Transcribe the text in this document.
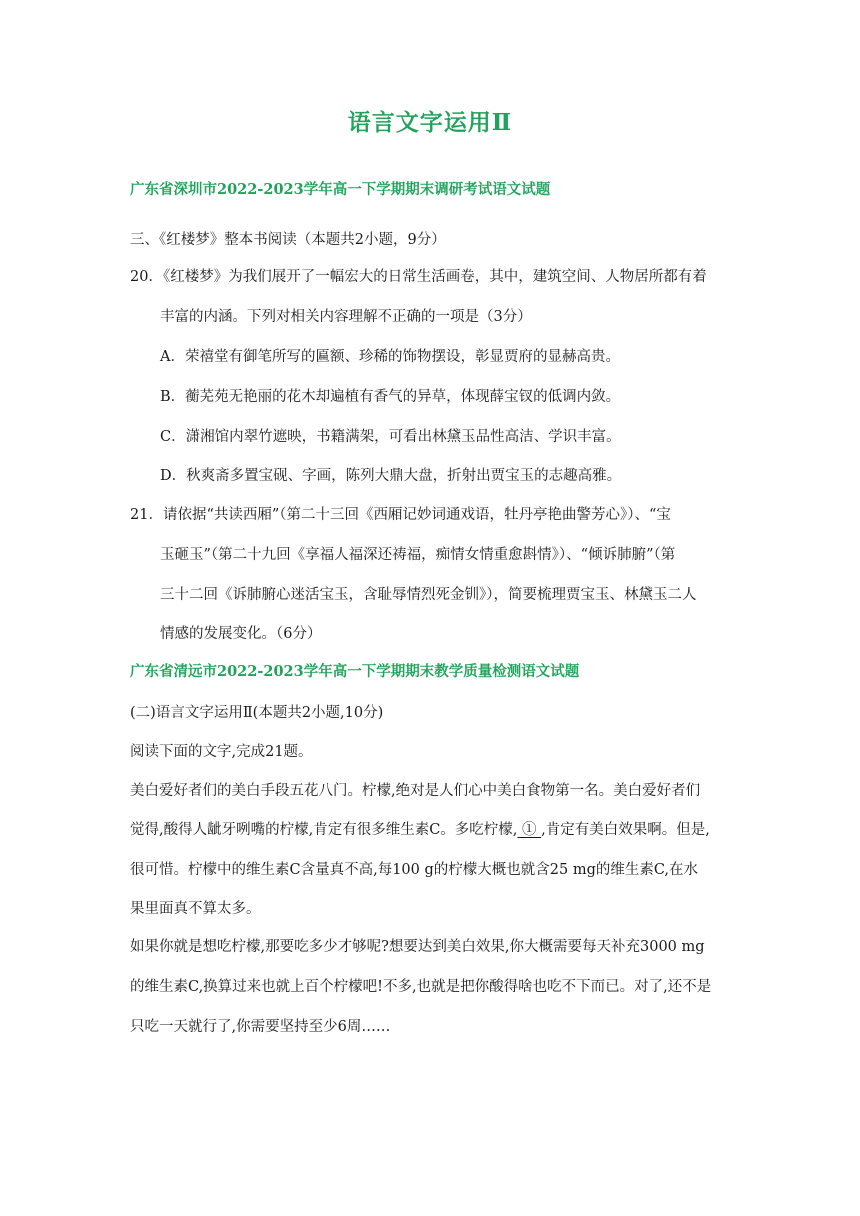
语言文字运用Ⅱ
广东省深圳市2022-2023学年高一下学期期末调研考试语文试题
三、《红楼梦》整本书阅读（本题共2小题，9分）
20．《红楼梦》为我们展开了一幅宏大的日常生活画卷，其中，建筑空间、人物居所都有着
丰富的内涵。下列对相关内容理解不正确的一项是（3分）
A．荣禧堂有御笔所写的匾额、珍稀的饰物摆设，彰显贾府的显赫高贵。
B．蘅芜苑无艳丽的花木却遍植有香气的异草，体现薛宝钗的低调内敛。
C．潇湘馆内翠竹遮映，书籍满架，可看出林黛玉品性高洁、学识丰富。
D．秋爽斋多置宝砚、字画，陈列大鼎大盘，折射出贾宝玉的志趣高雅。
21．请依据“共读西厢”（第二十三回《西厢记妙词通戏语，牡丹亭艳曲警芳心》）、“宝
玉砸玉”（第二十九回《享福人福深还祷福，痴情女情重愈斟情》）、“倾诉肺腑”（第
三十二回《诉肺腑心迷活宝玉，含耻辱情烈死金钏》），简要梳理贾宝玉、林黛玉二人
情感的发展变化。（6分）
广东省清远市2022-2023学年高一下学期期末教学质量检测语文试题
(二)语言文字运用Ⅱ(本题共2小题,10分)
阅读下面的文字,完成21题。
美白爱好者们的美白手段五花八门。柠檬,绝对是人们心中美白食物第一名。美白爱好者们
觉得,酸得人龇牙咧嘴的柠檬,肯定有很多维生素C。多吃柠檬, ① ,肯定有美白效果啊。但是,
很可惜。柠檬中的维生素C含量真不高,每100 g的柠檬大概也就含25 mg的维生素C,在水
果里面真不算太多。
如果你就是想吃柠檬,那要吃多少才够呢?想要达到美白效果,你大概需要每天补充3000 mg
的维生素C,换算过来也就上百个柠檬吧!不多,也就是把你酸得啥也吃不下而已。对了,还不是
只吃一天就行了,你需要坚持至少6周……
